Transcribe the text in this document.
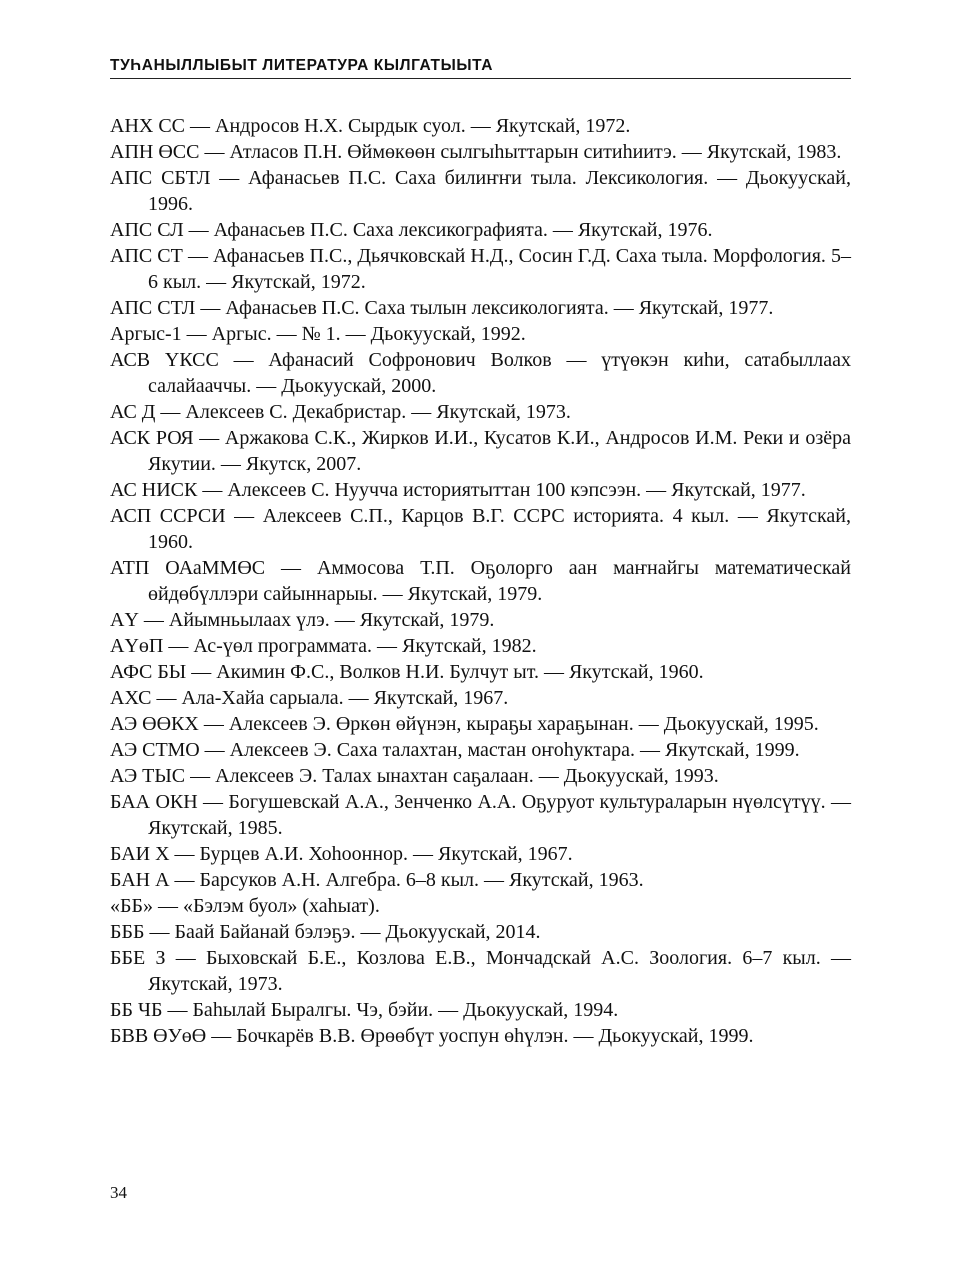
ТУҺАНЫЛЛЫБЫТ ЛИТЕРАТУРА КЫЛГАТЫЫТА
АНХ СС — Андросов Н.Х. Сырдык суол. — Якутскай, 1972.
АПН ӨСС — Атласов П.Н. Өймөкөөн сылгыһыттарын ситиһиитэ. — Якутскай, 1983.
АПС СБТЛ — Афанасьев П.С. Саха билиҥҥи тыла. Лексикология. — Дьокуускай, 1996.
АПС СЛ — Афанасьев П.С. Саха лексикографията. — Якутскай, 1976.
АПС СТ — Афанасьев П.С., Дьячковскай Н.Д., Сосин Г.Д. Саха тыла. Морфология. 5–6 кыл. — Якутскай, 1972.
АПС СТЛ — Афанасьев П.С. Саха тылын лексикологията. — Якутскай, 1977.
Аргыс-1 — Аргыс. — № 1. — Дьокуускай, 1992.
АСВ ҮКСС — Афанасий Софронович Волков — үтүөкэн киһи, сатабыллаах салайааччы. — Дьокуускай, 2000.
АС Д — Алексеев С. Декабристар. — Якутскай, 1973.
АСК РОЯ — Аржакова С.К., Жирков И.И., Кусатов К.И., Андросов И.М. Реки и озёра Якутии. — Якутск, 2007.
АС НИСК — Алексеев С. Нуучча историятыттан 100 кэпсээн. — Якутскай, 1977.
АСП ССРСИ — Алексеев С.П., Карцов В.Г. ССРС историята. 4 кыл. — Якутскай, 1960.
АТП ОАаММӨС — Аммосова Т.П. Оҕолорго аан маҥнайгы математическай өйдөбүллэри сайыннарыы. — Якутскай, 1979.
АҮ — Айымньылаах үлэ. — Якутскай, 1979.
АҮөП — Ас-үөл программата. — Якутскай, 1982.
АФС БЫ — Акимин Ф.С., Волков Н.И. Булчут ыт. — Якутскай, 1960.
АХС — Ала-Хайа сарыала. — Якутскай, 1967.
АЭ ӨӨКХ — Алексеев Э. Өркөн өйүнэн, кыраҕы хараҕынан. — Дьокуускай, 1995.
АЭ СТМО — Алексеев Э. Саха талахтан, мастан оҥоһуктара. — Якутскай, 1999.
АЭ ТЫС — Алексеев Э. Талах ынахтан саҕалаан. — Дьокуускай, 1993.
БАА ОКН — Богушевскай А.А., Зенченко А.А. Оҕуруот культураларын нүөлсүтүү. — Якутскай, 1985.
БАИ Х — Бурцев А.И. Хоһоонноp. — Якутскай, 1967.
БАН А — Барсуков А.Н. Алгебра. 6–8 кыл. — Якутскай, 1963.
«ББ» — «Бэлэм буол» (хаһыат).
БББ — Баай Байанай бэлэҕэ. — Дьокуускай, 2014.
ББЕ З — Быховскай Б.Е., Козлова Е.В., Мончадскай А.С. Зоология. 6–7 кыл. — Якутскай, 1973.
ББ ЧБ — Баһылай Быралгы. Чэ, бэйи. — Дьокуускай, 1994.
БВВ ӨУөӨ — Бочкарёв В.В. Өрөөбүт уоспун өһүлэн. — Дьокуускай, 1999.
34
